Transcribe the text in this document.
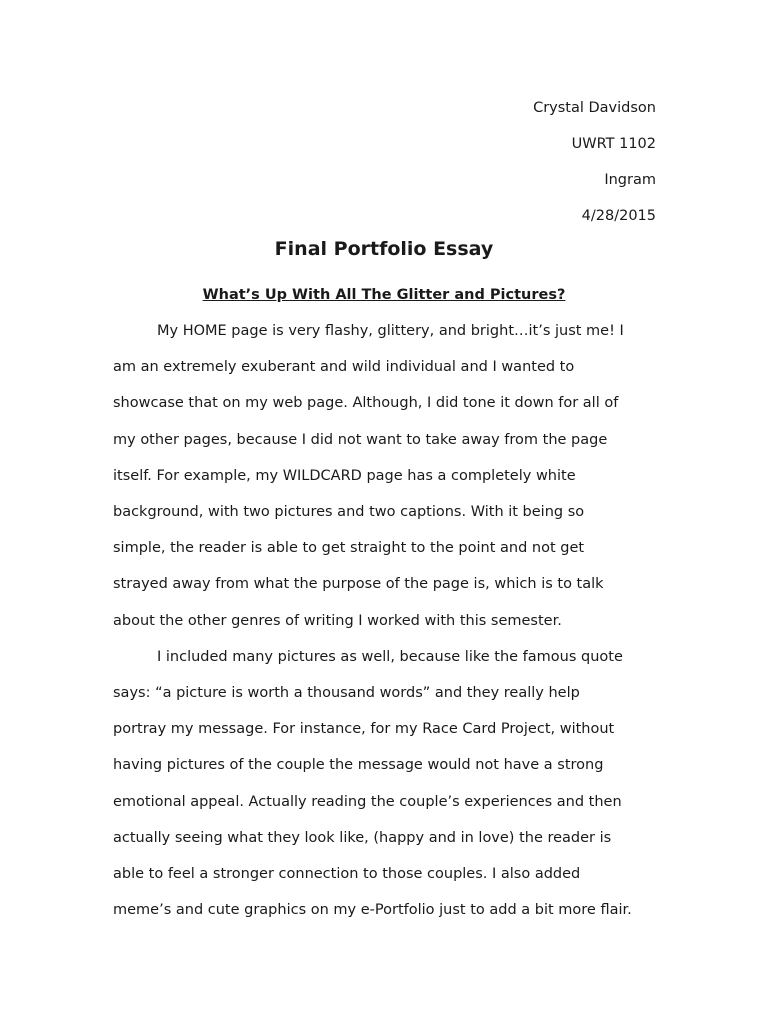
Crystal Davidson
UWRT 1102
Ingram
4/28/2015
Final Portfolio Essay
What’s Up With All The Glitter and Pictures?
My HOME page is very flashy, glittery, and bright…it’s just me! I
am an extremely exuberant and wild individual and I wanted to
showcase that on my web page. Although, I did tone it down for all of
my other pages, because I did not want to take away from the page
itself. For example, my WILDCARD page has a completely white
background, with two pictures and two captions. With it being so
simple, the reader is able to get straight to the point and not get
strayed away from what the purpose of the page is, which is to talk
about the other genres of writing I worked with this semester.
I included many pictures as well, because like the famous quote
says: “a picture is worth a thousand words” and they really help
portray my message. For instance, for my Race Card Project, without
having pictures of the couple the message would not have a strong
emotional appeal. Actually reading the couple’s experiences and then
actually seeing what they look like, (happy and in love) the reader is
able to feel a stronger connection to those couples. I also added
meme’s and cute graphics on my e-Portfolio just to add a bit more flair.
